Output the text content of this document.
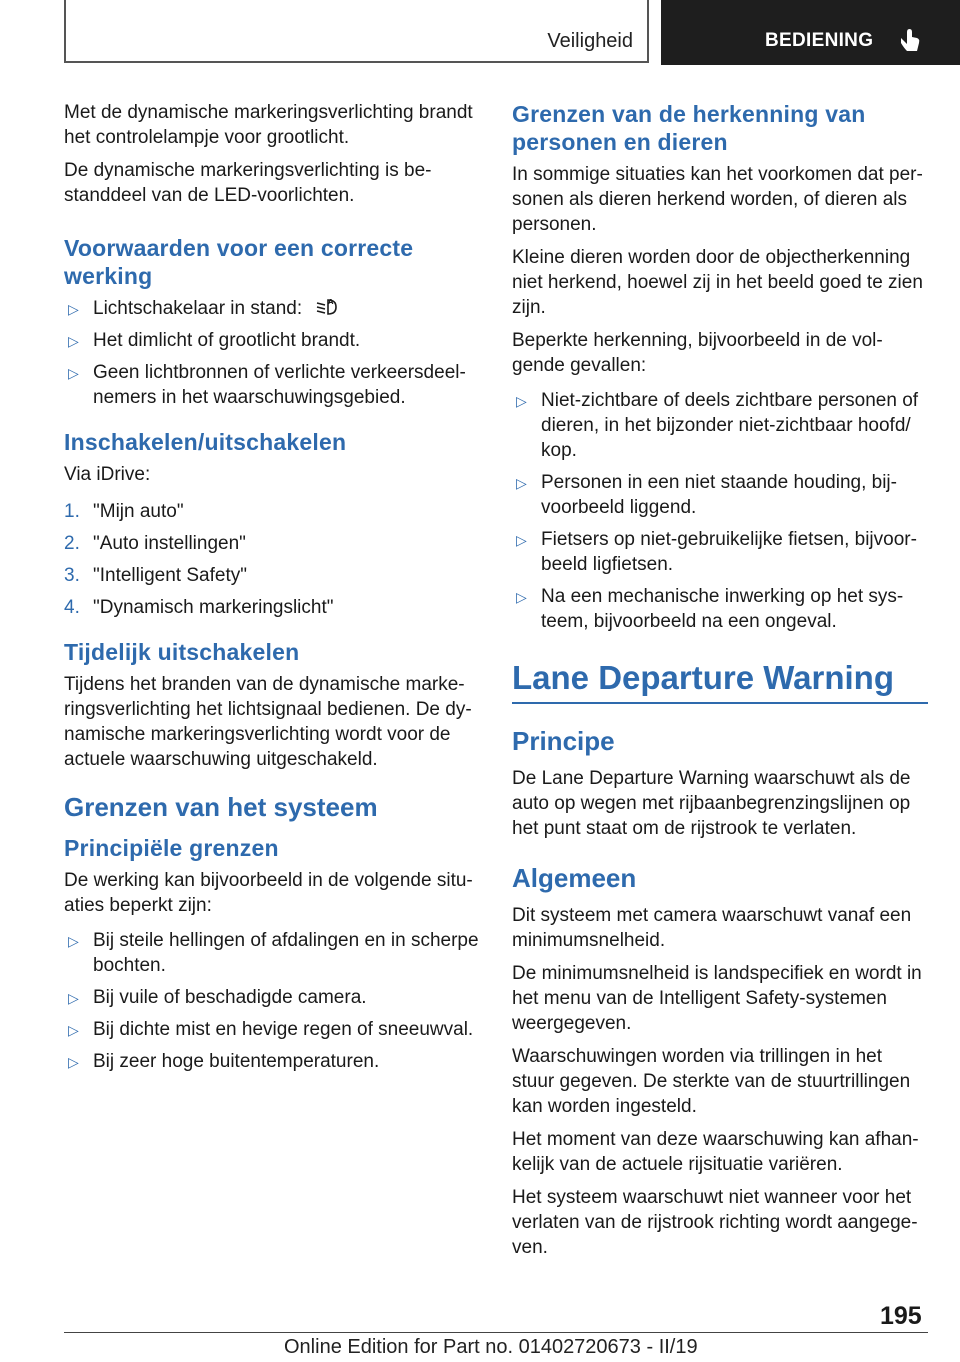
Veiligheid	BEDIENING

Met de dynamische markeringsverlichting brandt het controlelampje voor grootlicht.

De dynamische markeringsverlichting is be-standdeel van de LED-voorlichten.

Voorwaarden voor een correcte werking
▷ Lichtschakelaar in stand:	A
▷ Het dimlicht of grootlicht brandt.
▷ Geen lichtbronnen of verlichte verkeersdeel-nemers in het waarschuwingsgebied.
Inschakelen/uitschakelen

Via iDrive:

1. "Mijn auto"
2. "Auto instellingen"
3. "Intelligent Safety"
4. "Dynamisch markeringslicht"
Tijdelijk uitschakelen

Tijdens het branden van de dynamische marke-ringsverlichting het lichtsignaal bedienen. De dy-namische markeringsverlichting wordt voor de actuele waarschuwing uitgeschakeld.

Grenzen van het systeem
Principiële grenzen

De werking kan bijvoorbeeld in de volgende situ-aties beperkt zijn:

▷ Bij steile hellingen of afdalingen en in scherpe bochten.
▷ Bij vuile of beschadigde camera.
▷ Bij dichte mist en hevige regen of sneeuwval.
▷ Bij zeer hoge buitentemperaturen.
Grenzen van de herkenning van personen en dieren

In sommige situaties kan het voorkomen dat per-sonen als dieren herkend worden, of dieren als personen.

Kleine dieren worden door de objectherkenning niet herkend, hoewel zij in het beeld goed te zien zijn.

Beperkte herkenning, bijvoorbeeld in de vol-gende gevallen:

▷ Niet-zichtbare of deels zichtbare personen of dieren, in het bijzonder niet-zichtbaar hoofd/ kop.
▷ Personen in een niet staande houding, bij-voorbeeld liggend.
▷ Fietsers op niet-gebruikelijke fietsen, bijvoor-beeld ligfietsen.
▷ Na een mechanische inwerking op het sys-teem, bijvoorbeeld na een ongeval.
Lane Departure Warning
Principe

De Lane Departure Warning waarschuwt als de auto op wegen met rijbaanbegrenzingslijnen op het punt staat om de rijstrook te verlaten.

Algemeen

Dit systeem met camera waarschuwt vanaf een minimumsnelheid.

De minimumsnelheid is landspecifiek en wordt in het menu van de Intelligent Safety-systemen weergegeven.

Waarschuwingen worden via trillingen in het stuur gegeven. De sterkte van de stuurtrillingen kan worden ingesteld.

Het moment van deze waarschuwing kan afhan-kelijk van de actuele rijsituatie variëren.

Het systeem waarschuwt niet wanneer voor het verlaten van de rijstrook richting wordt aangege-ven.

195
Online Edition for Part no. 01402720673 - II/19
